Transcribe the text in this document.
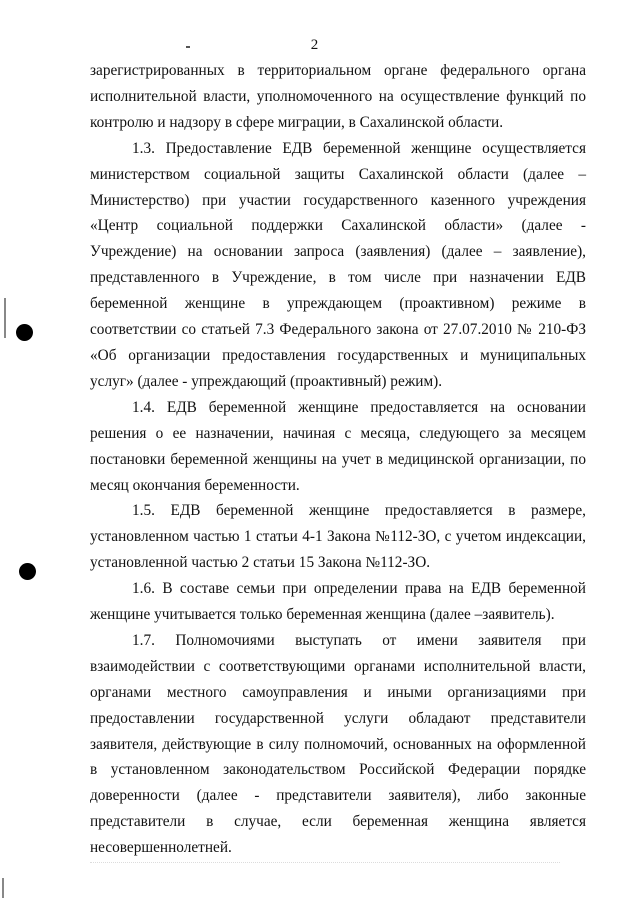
2

зарегистрированных в территориальном органе федерального органа исполнительной власти, уполномоченного на осуществление функций по контролю и надзору в сфере миграции, в Сахалинской области.

1.3. Предоставление ЕДВ беременной женщине осуществляется министерством социальной защиты Сахалинской области (далее – Министерство) при участии государственного казенного учреждения «Центр социальной поддержки Сахалинской области» (далее - Учреждение) на основании запроса (заявления) (далее – заявление), представленного в Учреждение, в том числе при назначении ЕДВ беременной женщине в упреждающем (проактивном) режиме в соответствии со статьей 7.3 Федерального закона от 27.07.2010 № 210-ФЗ «Об организации предоставления государственных и муниципальных услуг» (далее - упреждающий (проактивный) режим).

1.4. ЕДВ беременной женщине предоставляется на основании решения о ее назначении, начиная с месяца, следующего за месяцем постановки беременной женщины на учет в медицинской организации, по месяц окончания беременности.

1.5. ЕДВ беременной женщине предоставляется в размере, установленном частью 1 статьи 4-1 Закона №112-ЗО, с учетом индексации, установленной частью 2 статьи 15 Закона №112-ЗО.

1.6. В составе семьи при определении права на ЕДВ беременной женщине учитывается только беременная женщина (далее –заявитель).

1.7. Полномочиями выступать от имени заявителя при взаимодействии с соответствующими органами исполнительной власти, органами местного самоуправления и иными организациями при предоставлении государственной услуги обладают представители заявителя, действующие в силу полномочий, основанных на оформленной в установленном законодательством Российской Федерации порядке доверенности (далее - представители заявителя), либо законные представители в случае, если беременная женщина является несовершеннолетней.
